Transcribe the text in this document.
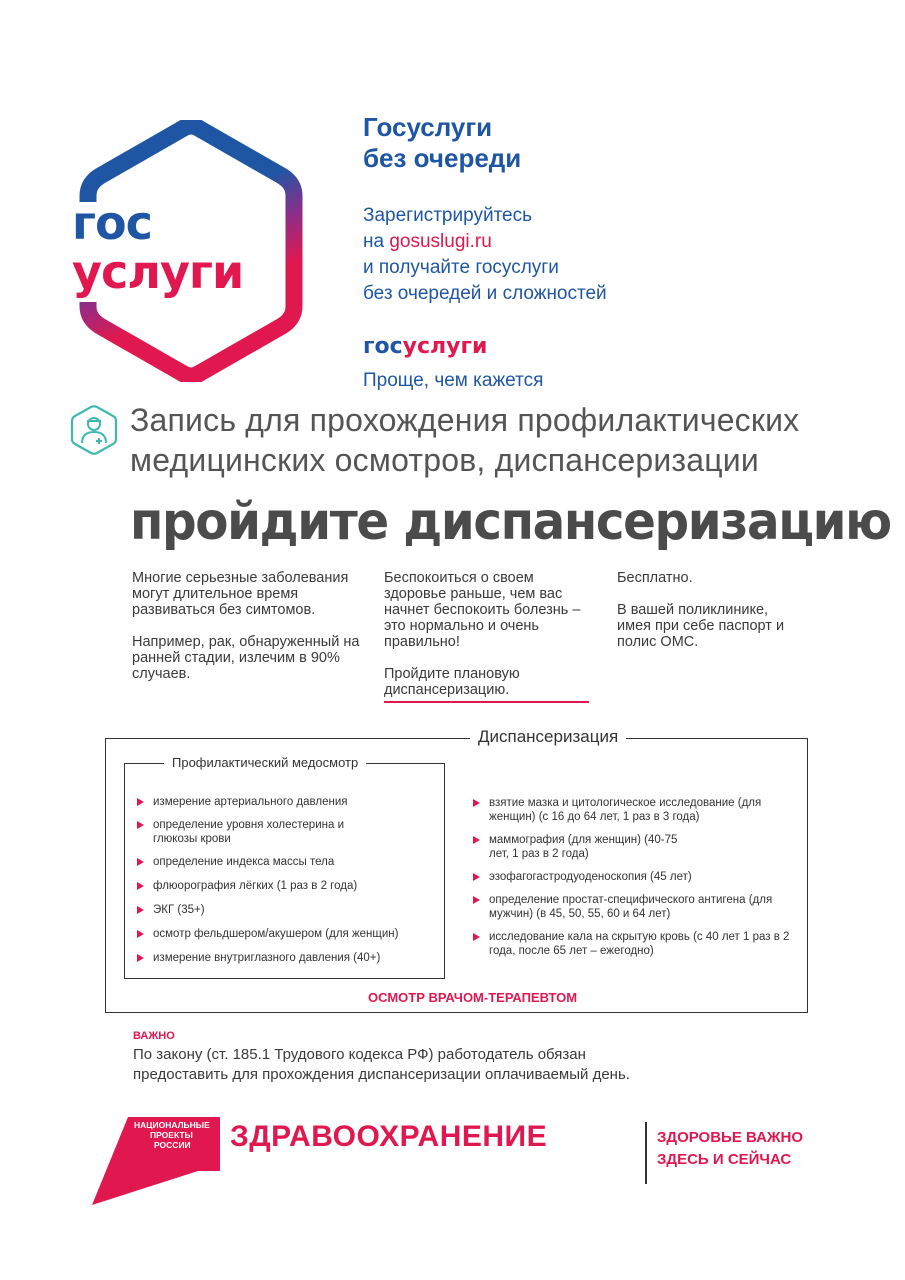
гос
услуги
Госуслуги
без очереди
Зарегистрируйтесь
на gosuslugi.ru
и получайте госуслуги
без очередей и сложностей
госуслуги
Проще, чем кажется
Запись для прохождения профилактических
медицинских осмотров, диспансеризации
пройдите диспансеризацию

Многие серьезные заболевания могут длительное время развиваться без симтомов.

Например, рак, обнаруженный на ранней стадии, излечим в 90% случаев.

Беспокоиться о своем здоровье раньше, чем вас начнет беспокоить болезнь – это нормально и очень правильно!

Пройдите плановую диспансеризацию.

Бесплатно.

В вашей поликлинике, имея при себе паспорт и полис ОМС.

Диспансеризация
Профилактический медосмотр
измерение артериального давления
определение уровня холестерина и глюкозы крови
определение индекса массы тела
флюорография лёгких (1 раз в 2 года)
ЭКГ (35+)
осмотр фельдшером/акушером (для женщин)
измерение внутриглазного давления (40+)
взятие мазка и цитологическое исследование (для женщин) (с 16 до 64 лет, 1 раз в 3 года)
маммография (для женщин) (40-75 лет, 1 раз в 2 года)
эзофагогастродуоденоскопия (45 лет)
определение простат-специфического антигена (для мужчин) (в 45, 50, 55, 60 и 64 лет)
исследование кала на скрытую кровь (с 40 лет 1 раз в 2 года, после 65 лет – ежегодно)
ОСМОТР ВРАЧОМ-ТЕРАПЕВТОМ
ВАЖНО
По закону (ст. 185.1 Трудового кодекса РФ) работодатель обязан
предоставить для прохождения диспансеризации оплачиваемый день.
НАЦИОНАЛЬНЫЕ
ПРОЕКТЫ
РОССИИ	ЗДРАВООХРАНЕНИЕ	ЗДОРОВЬЕ ВАЖНО
ЗДЕСЬ И СЕЙЧАС
